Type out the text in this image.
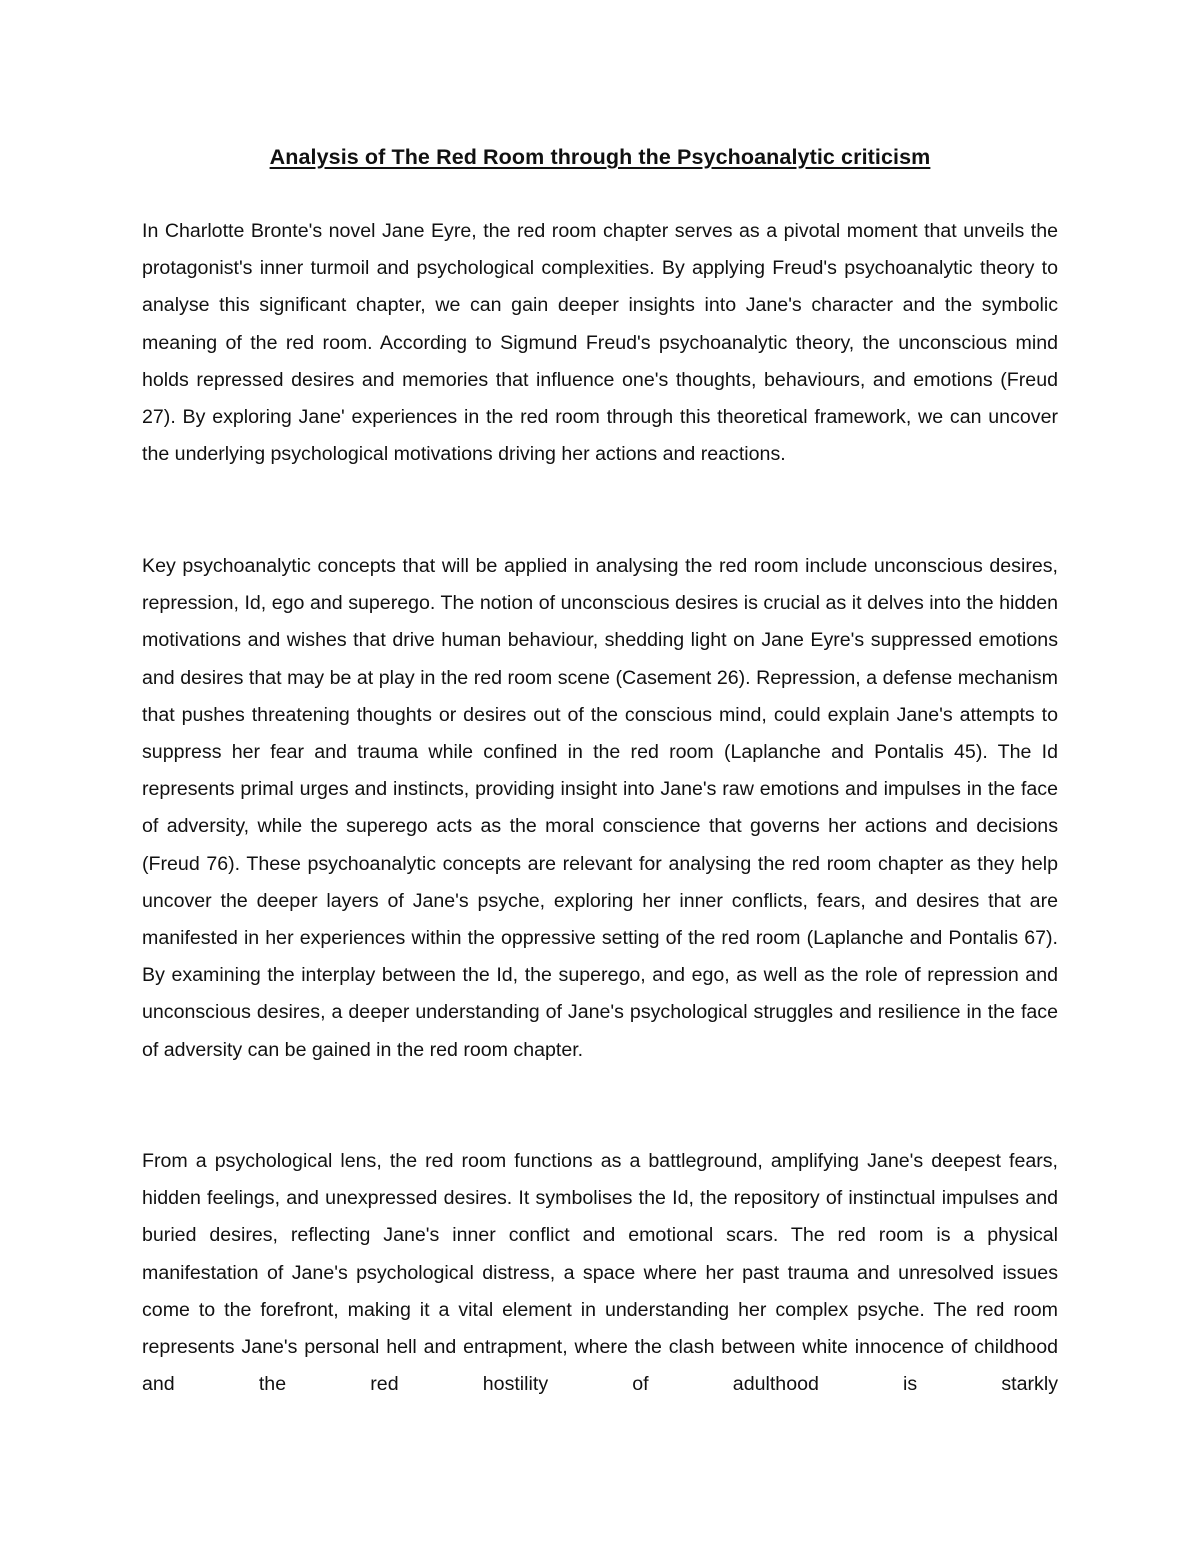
Analysis of The Red Room through the Psychoanalytic criticism

In Charlotte Bronte's novel Jane Eyre, the red room chapter serves as a pivotal moment that unveils the protagonist's inner turmoil and psychological complexities. By applying Freud's psychoanalytic theory to analyse this significant chapter, we can gain deeper insights into Jane's character and the symbolic meaning of the red room. According to Sigmund Freud's psychoanalytic theory, the unconscious mind holds repressed desires and memories that influence one's thoughts, behaviours, and emotions (Freud 27). By exploring Jane' experiences in the red room through this theoretical framework, we can uncover the underlying psychological motivations driving her actions and reactions.

Key psychoanalytic concepts that will be applied in analysing the red room include unconscious desires, repression, Id, ego and superego. The notion of unconscious desires is crucial as it delves into the hidden motivations and wishes that drive human behaviour, shedding light on Jane Eyre's suppressed emotions and desires that may be at play in the red room scene (Casement 26). Repression, a defense mechanism that pushes threatening thoughts or desires out of the conscious mind, could explain Jane's attempts to suppress her fear and trauma while confined in the red room (Laplanche and Pontalis 45). The Id represents primal urges and instincts, providing insight into Jane's raw emotions and impulses in the face of adversity, while the superego acts as the moral conscience that governs her actions and decisions (Freud 76). These psychoanalytic concepts are relevant for analysing the red room chapter as they help uncover the deeper layers of Jane's psyche, exploring her inner conflicts, fears, and desires that are manifested in her experiences within the oppressive setting of the red room (Laplanche and Pontalis 67). By examining the interplay between the Id, the superego, and ego, as well as the role of repression and unconscious desires, a deeper understanding of Jane's psychological struggles and resilience in the face of adversity can be gained in the red room chapter.

From a psychological lens, the red room functions as a battleground, amplifying Jane's deepest fears, hidden feelings, and unexpressed desires. It symbolises the Id, the repository of instinctual impulses and buried desires, reflecting Jane's inner conflict and emotional scars. The red room is a physical manifestation of Jane's psychological distress, a space where her past trauma and unresolved issues come to the forefront, making it a vital element in understanding her complex psyche. The red room represents Jane's personal hell and entrapment, where the clash between white innocence of childhood and the red hostility of adulthood is starkly
